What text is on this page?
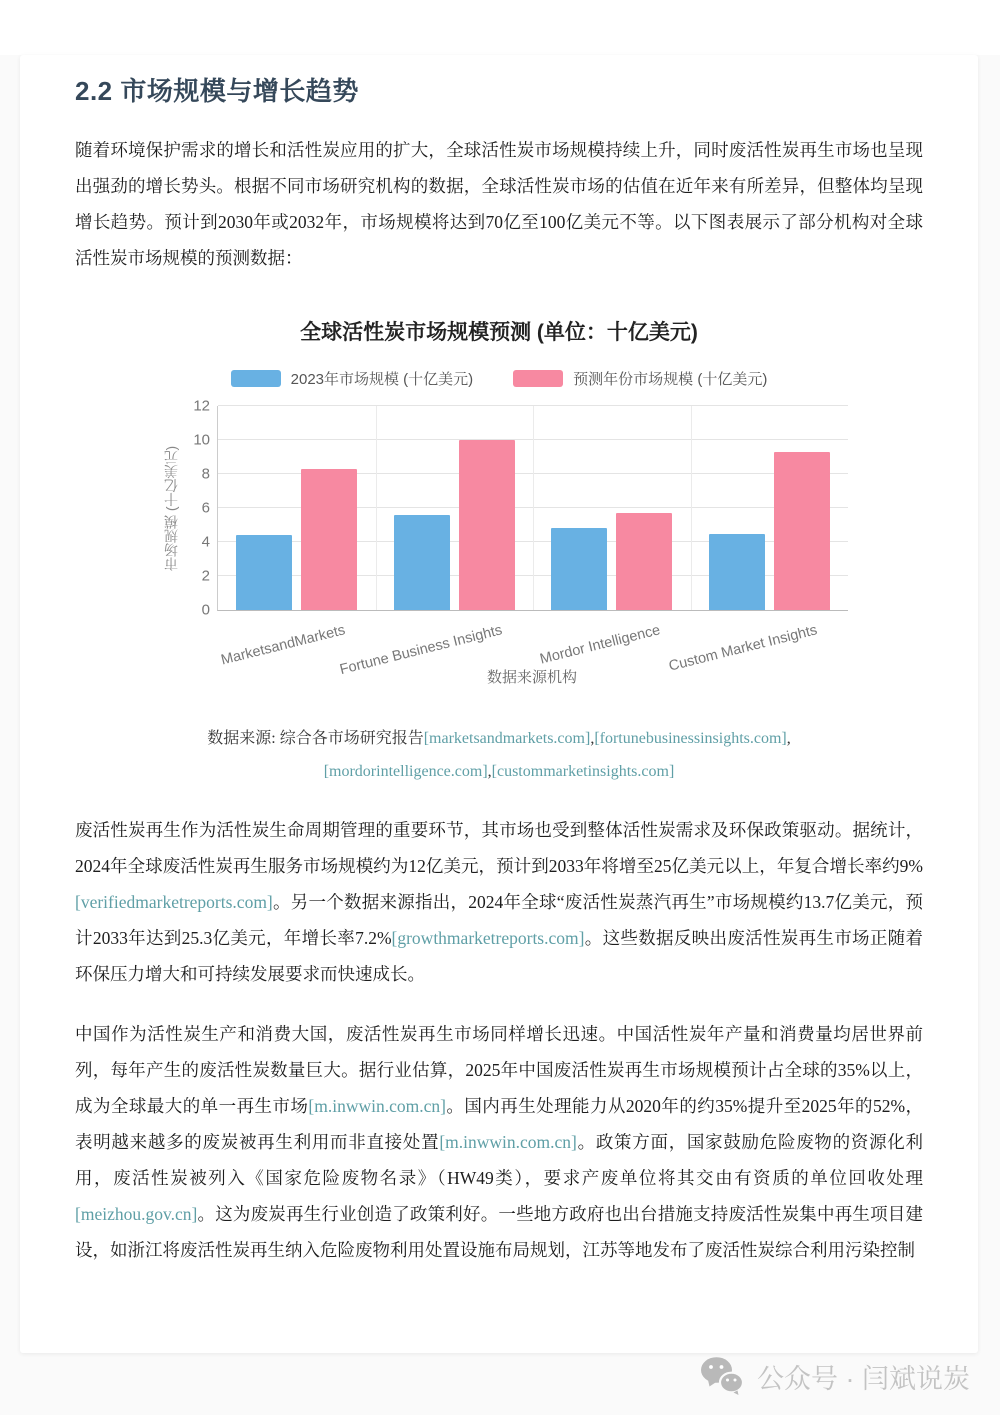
2.2 市场规模与增长趋势

随着环境保护需求的增长和活性炭应用的扩大，全球活性炭市场规模持续上升，同时废活性炭再生市场也呈现出强劲的增长势头。根据不同市场研究机构的数据，全球活性炭市场的估值在近年来有所差异，但整体均呈现增长趋势。预计到2030年或2032年，市场规模将达到70亿至100亿美元不等。以下图表展示了部分机构对全球活性炭市场规模的预测数据：

全球活性炭市场规模预测 (单位：十亿美元)
2023年市场规模 (十亿美元)	预测年份市场规模 (十亿美元)
市场规模 (十亿美元)
0
2
4
6
8
10
12
MarketsandMarkets
Fortune Business Insights Mordor Intelligence Custom Market Insights
数据来源机构
数据来源: 综合各市场研究报告[marketsandmarkets.com],[fortunebusinessinsights.com],
[mordorintelligence.com],[custommarketinsights.com]

废活性炭再生作为活性炭生命周期管理的重要环节，其市场也受到整体活性炭需求及环保政策驱动。据统计，2024年全球废活性炭再生服务市场规模约为12亿美元，预计到2033年将增至25亿美元以上，年复合增长率约9%[verifiedmarketreports.com]。另一个数据来源指出，2024年全球“废活性炭蒸汽再生”市场规模约13.7亿美元，预计2033年达到25.3亿美元，年增长率7.2%[growthmarketreports.com]。这些数据反映出废活性炭再生市场正随着环保压力增大和可持续发展要求而快速成长。

中国作为活性炭生产和消费大国，废活性炭再生市场同样增长迅速。中国活性炭年产量和消费量均居世界前列，每年产生的废活性炭数量巨大。据行业估算，2025年中国废活性炭再生市场规模预计占全球的35%以上，成为全球最大的单一再生市场[m.inwwin.com.cn]。国内再生处理能力从2020年的约35%提升至2025年的52%，表明越来越多的废炭被再生利用而非直接处置[m.inwwin.com.cn]。政策方面，国家鼓励危险废物的资源化利用，废活性炭被列入《国家危险废物名录》（HW49类），要求产废单位将其交由有资质的单位回收处理[meizhou.gov.cn]。这为废炭再生行业创造了政策利好。一些地方政府也出台措施支持废活性炭集中再生项目建设，如浙江将废活性炭再生纳入危险废物利用处置设施布局规划，江苏等地发布了废活性炭综合利用污染控制

公众号 · 闫斌说炭
